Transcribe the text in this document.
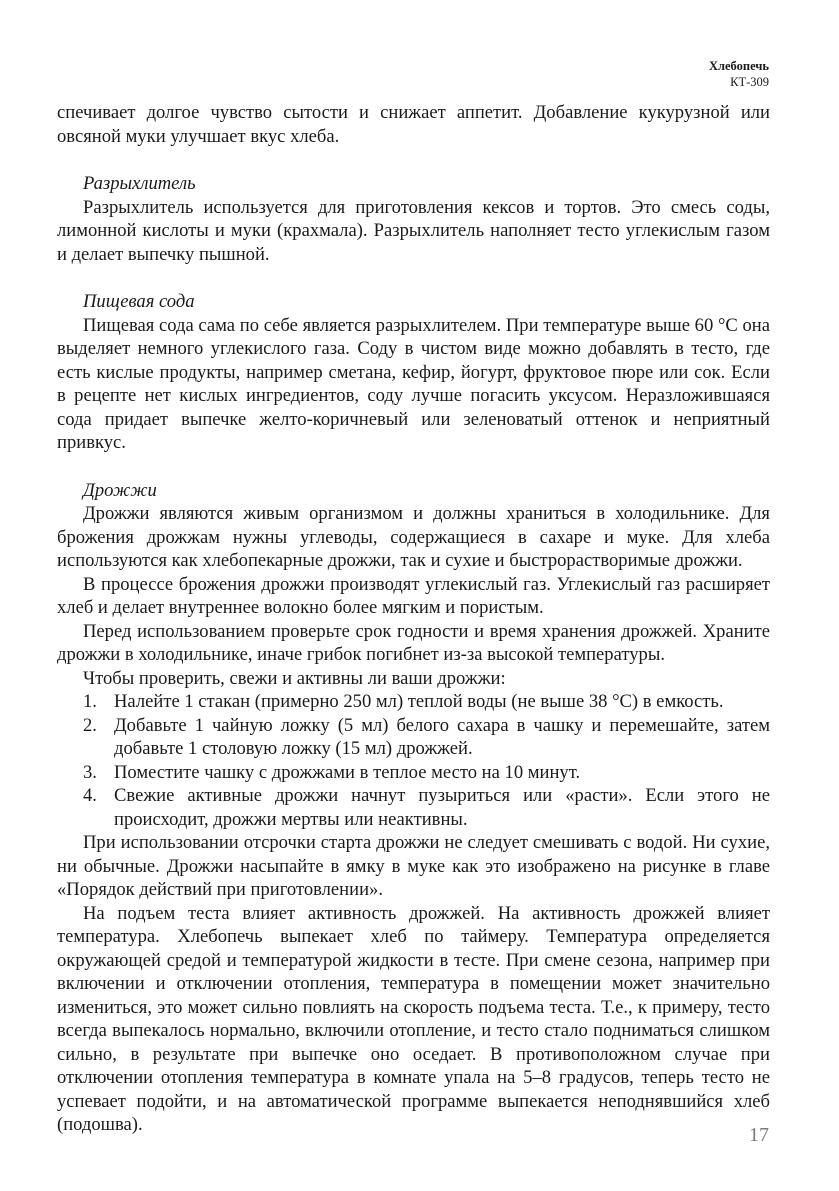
Хлебопечь
КТ-309

спечивает долгое чувство сытости и снижает аппетит. Добавление кукурузной или овсяной муки улучшает вкус хлеба.

Разрыхлитель

Разрыхлитель используется для приготовления кексов и тортов. Это смесь соды, лимонной кислоты и муки (крахмала). Разрыхлитель наполняет тесто углекислым газом и делает выпечку пышной.

Пищевая сода

Пищевая сода сама по себе является разрыхлителем. При температуре выше 60 °С она выделяет немного углекислого газа. Соду в чистом виде можно добавлять в тесто, где есть кислые продукты, например сметана, кефир, йогурт, фруктовое пюре или сок. Если в рецепте нет кислых ингредиентов, соду лучше погасить уксусом. Неразложившаяся сода придает выпечке желто-коричневый или зеленоватый оттенок и неприятный привкус.

Дрожжи

Дрожжи являются живым организмом и должны храниться в холодильнике. Для брожения дрожжам нужны углеводы, содержащиеся в сахаре и муке. Для хлеба используются как хлебопекарные дрожжи, так и сухие и быстрорастворимые дрожжи.

В процессе брожения дрожжи производят углекислый газ. Углекислый газ расширяет хлеб и делает внутреннее волокно более мягким и пористым.

Перед использованием проверьте срок годности и время хранения дрожжей. Храните дрожжи в холодильнике, иначе грибок погибнет из-за высокой температуры.

Чтобы проверить, свежи и активны ли ваши дрожжи:

1. Налейте 1 стакан (примерно 250 мл) теплой воды (не выше 38 °С) в емкость.
2. Добавьте 1 чайную ложку (5 мл) белого сахара в чашку и перемешайте, затем добавьте 1 столовую ложку (15 мл) дрожжей.
3. Поместите чашку с дрожжами в теплое место на 10 минут.
4. Свежие активные дрожжи начнут пузыриться или «расти». Если этого не происходит, дрожжи мертвы или неактивны.

При использовании отсрочки старта дрожжи не следует смешивать с водой. Ни сухие, ни обычные. Дрожжи насыпайте в ямку в муке как это изображено на рисунке в главе «Порядок действий при приготовлении».

На подъем теста влияет активность дрожжей. На активность дрожжей влияет температура. Хлебопечь выпекает хлеб по таймеру. Температура определяется окружающей средой и температурой жидкости в тесте. При смене сезона, например при включении и отключении отопления, температура в помещении может значительно измениться, это может сильно повлиять на скорость подъема теста. Т.е., к примеру, тесто всегда выпекалось нормально, включили отопление, и тесто стало подниматься слишком сильно, в результате при выпечке оно оседает. В противоположном случае при отключении отопления температура в комнате упала на 5–8 градусов, теперь тесто не успевает подойти, и на автоматической программе выпекается неподнявшийся хлеб (подошва).	17
